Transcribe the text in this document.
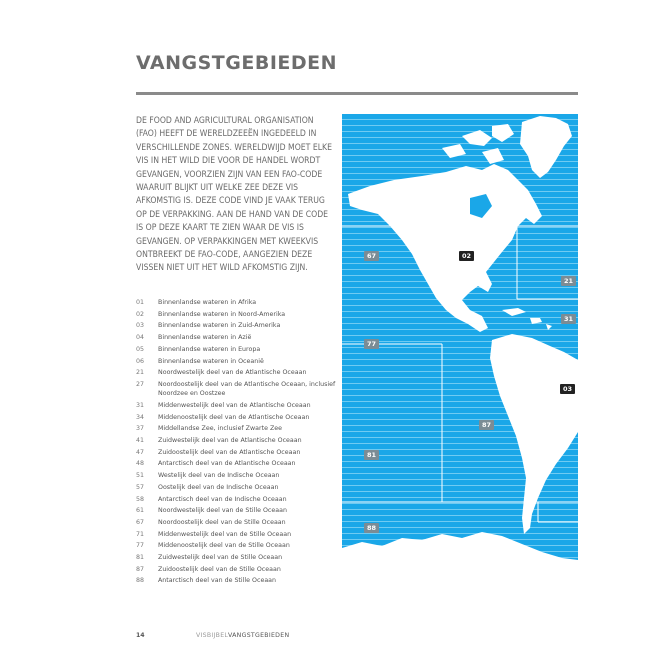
VANGSTGEBIEDEN

DE FOOD AND AGRICULTURAL ORGANISATION (FAO) HEEFT DE WERELDZEEËN INGEDEELD IN VERSCHILLENDE ZONES. WERELDWIJD MOET ELKE VIS IN HET WILD DIE VOOR DE HANDEL WORDT GEVANGEN, VOORZIEN ZIJN VAN EEN FAO-CODE WAARUIT BLIJKT UIT WELKE ZEE DEZE VIS AFKOMSTIG IS. DEZE CODE VIND JE VAAK TERUG OP DE VERPAKKING. AAN DE HAND VAN DE CODE IS OP DEZE KAART TE ZIEN WAAR DE VIS IS GEVANGEN. OP VERPAKKINGEN MET KWEEKVIS ONTBREEKT DE FAO-CODE, AANGEZIEN DEZE VISSEN NIET UIT HET WILD AFKOMSTIG ZIJN.

01	Binnenlandse wateren in Afrika
02	Binnenlandse wateren in Noord-Amerika
03	Binnenlandse wateren in Zuid-Amerika
04	Binnenlandse wateren in Azië
05	Binnenlandse wateren in Europa
06	Binnenlandse wateren in Oceanië
21	Noordwestelijk deel van de Atlantische Oceaan
27	Noordoostelijk deel van de Atlantische Oceaan, inclusief Noordzee en Oostzee
31	Middenwestelijk deel van de Atlantische Oceaan
34	Middenoostelijk deel van de Atlantische Oceaan
37	Middellandse Zee, inclusief Zwarte Zee
41	Zuidwestelijk deel van de Atlantische Oceaan
47	Zuidoostelijk deel van de Atlantische Oceaan
48	Antarctisch deel van de Atlantische Oceaan
51	Westelijk deel van de Indische Oceaan
57	Oostelijk deel van de Indische Oceaan
58	Antarctisch deel van de Indische Oceaan
61	Noordwestelijk deel van de Stille Oceaan
67	Noordoostelijk deel van de Stille Oceaan
71	Middenwestelijk deel van de Stille Oceaan
77	Middenoostelijk deel van de Stille Oceaan
81	Zuidwestelijk deel van de Stille Oceaan
87	Zuidoostelijk deel van de Stille Oceaan
88	Antarctisch deel van de Stille Oceaan
67	02
21
31
77
03
87
81
88
14	VISBIJBEL VANGSTGEBIEDEN
